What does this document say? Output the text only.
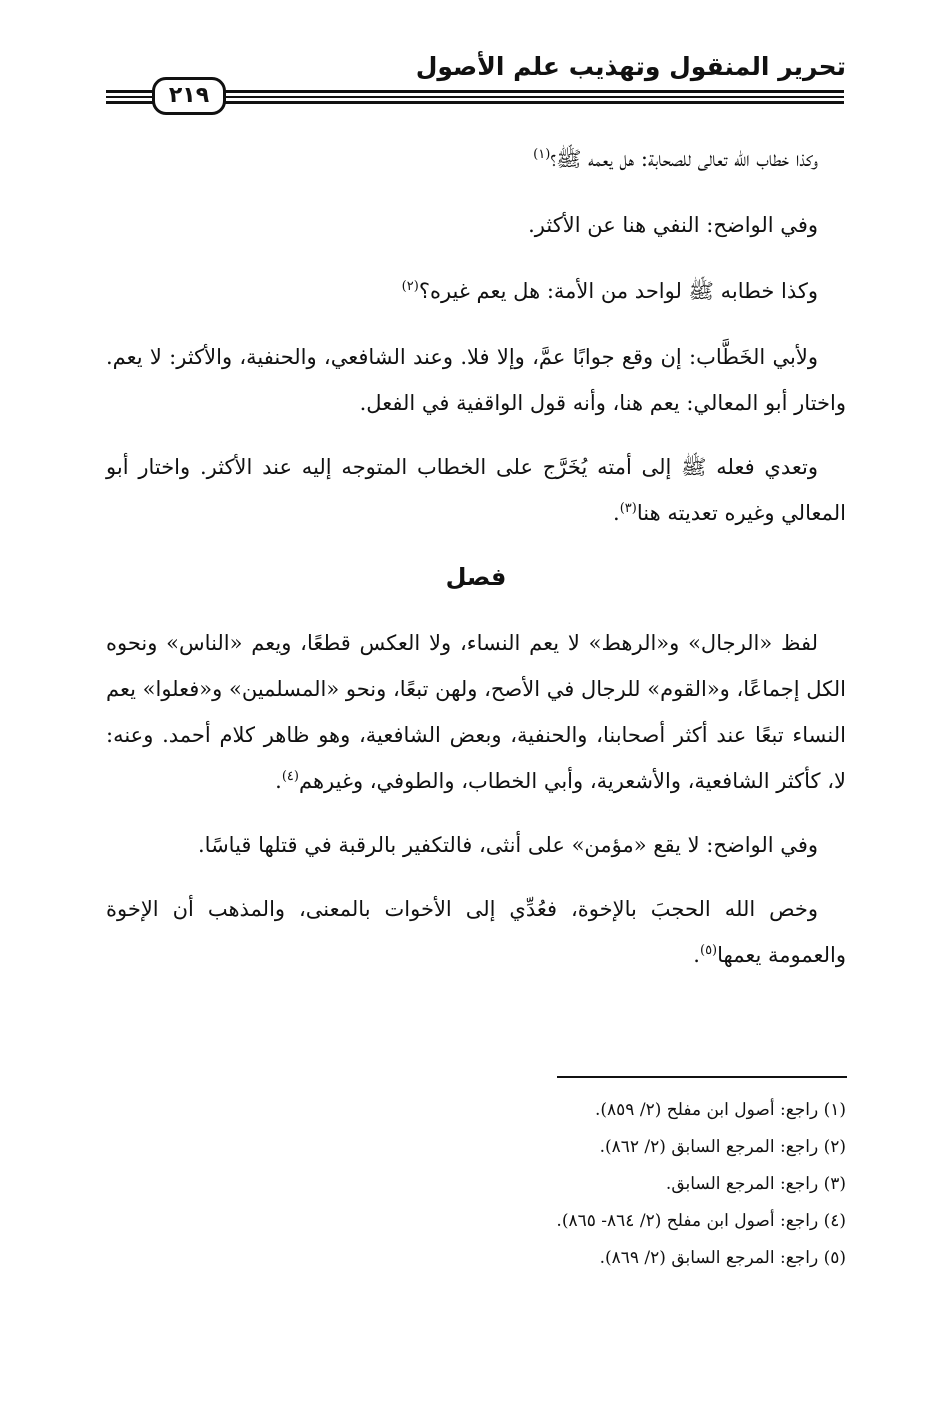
تحرير المنقول وتهذيب علم الأصول
٢١٩

وكذا خطاب الله تعالى للصحابة: هل يعمه ﷺ؟$^{(١)}$

وفي الواضح: النفي هنا عن الأكثر.

وكذا خطابه ﷺ لواحد من الأمة: هل يعم غيره؟$^{(٢)}$

ولأبي الخَطَّاب: إن وقع جوابًا عمَّ، وإلا فلا. وعند الشافعي، والحنفية، والأكثر: لا يعم. واختار أبو المعالي: يعم هنا، وأنه قول الواقفية في الفعل.

وتعدي فعله ﷺ إلى أمته يُخَرَّج على الخطاب المتوجه إليه عند الأكثر. واختار أبو المعالي وغيره تعديته هنا$^{(٣)}$.

فصل

لفظ «الرجال» و«الرهط» لا يعم النساء، ولا العكس قطعًا، ويعم «الناس» ونحوه الكل إجماعًا، و«القوم» للرجال في الأصح، ولهن تبعًا، ونحو «المسلمين» و«فعلوا» يعم النساء تبعًا عند أكثر أصحابنا، والحنفية، وبعض الشافعية، وهو ظاهر كلام أحمد. وعنه: لا، كأكثر الشافعية، والأشعرية، وأبي الخطاب، والطوفي، وغيرهم$^{(٤)}$.

وفي الواضح: لا يقع «مؤمن» على أنثى، فالتكفير بالرقبة في قتلها قياسًا.

وخص الله الحجبَ بالإخوة، فعُدِّي إلى الأخوات بالمعنى، والمذهب أن الإخوة والعمومة يعمها$^{(٥)}$.

(١) راجع: أصول ابن مفلح (٢/ ٨٥٩).

(٢) راجع: المرجع السابق (٢/ ٨٦٢).

(٣) راجع: المرجع السابق.

(٤) راجع: أصول ابن مفلح (٢/ ٨٦٤- ٨٦٥).

(٥) راجع: المرجع السابق (٢/ ٨٦٩).
